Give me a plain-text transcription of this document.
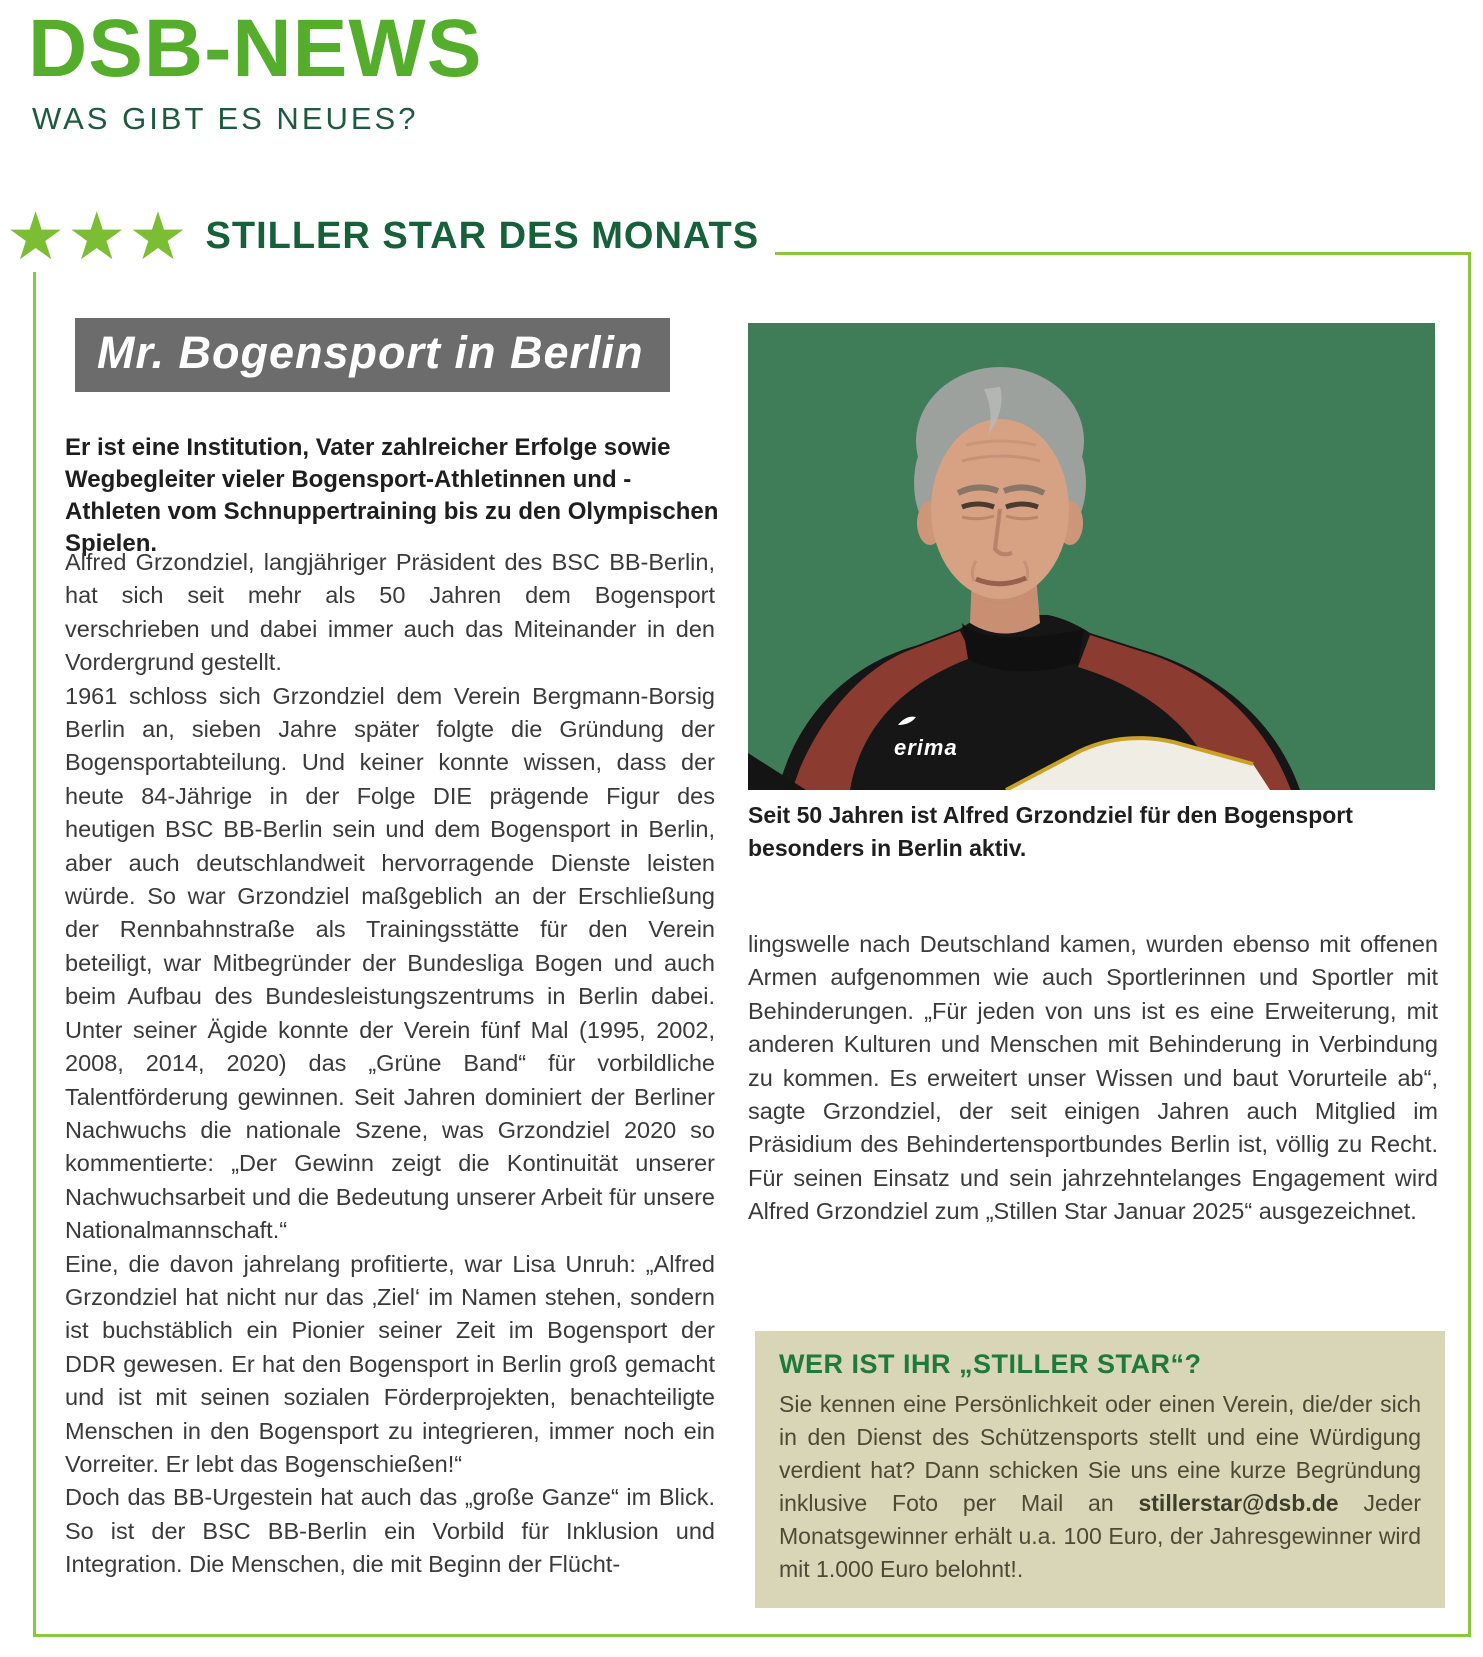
DSB-NEWS
WAS GIBT ES NEUES?
★ ★ ★ STILLER STAR DES MONATS
Mr. Bogensport in Berlin
Er ist eine Institution, Vater zahlreicher Erfolge sowie Wegbegleiter vieler Bogensport-Athletinnen und -Athleten vom Schnuppertraining bis zu den Olympischen Spielen.

Alfred Grzondziel, langjähriger Präsident des BSC BB-Berlin, hat sich seit mehr als 50 Jahren dem Bogensport verschrieben und dabei immer auch das Miteinander in den Vordergrund gestellt.

1961 schloss sich Grzondziel dem Verein Bergmann-Borsig Berlin an, sieben Jahre später folgte die Gründung der Bogensportabteilung. Und keiner konnte wissen, dass der heute 84-Jährige in der Folge DIE prägende Figur des heutigen BSC BB-Berlin sein und dem Bogensport in Berlin, aber auch deutschlandweit hervorragende Dienste leisten würde. So war Grzondziel maßgeblich an der Erschließung der Rennbahnstraße als Trainingsstätte für den Verein beteiligt, war Mitbegründer der Bundesliga Bogen und auch beim Aufbau des Bundesleistungszentrums in Berlin dabei. Unter seiner Ägide konnte der Verein fünf Mal (1995, 2002, 2008, 2014, 2020) das „Grüne Band“ für vorbildliche Talentförderung gewinnen. Seit Jahren dominiert der Berliner Nachwuchs die nationale Szene, was Grzondziel 2020 so kommentierte: „Der Gewinn zeigt die Kontinuität unserer Nachwuchsarbeit und die Bedeutung unserer Arbeit für unsere Nationalmannschaft.“

Eine, die davon jahrelang profitierte, war Lisa Unruh: „Alfred Grzondziel hat nicht nur das ‚Ziel‘ im Namen stehen, sondern ist buchstäblich ein Pionier seiner Zeit im Bogensport der DDR gewesen. Er hat den Bogensport in Berlin groß gemacht und ist mit seinen sozialen Förderprojekten, benachteiligte Menschen in den Bogensport zu integrieren, immer noch ein Vorreiter. Er lebt das Bogenschießen!“

Doch das BB-Urgestein hat auch das „große Ganze“ im Blick. So ist der BSC BB-Berlin ein Vorbild für Inklusion und Integration. Die Menschen, die mit Beginn der Flücht-

erima
Seit 50 Jahren ist Alfred Grzondziel für den Bogensport besonders in Berlin aktiv.

lingswelle nach Deutschland kamen, wurden ebenso mit offenen Armen aufgenommen wie auch Sportlerinnen und Sportler mit Behinderungen. „Für jeden von uns ist es eine Erweiterung, mit anderen Kulturen und Menschen mit Behinderung in Verbindung zu kommen. Es erweitert unser Wissen und baut Vorurteile ab“, sagte Grzondziel, der seit einigen Jahren auch Mitglied im Präsidium des Behindertensportbundes Berlin ist, völlig zu Recht. Für seinen Einsatz und sein jahrzehntelanges Engagement wird Alfred Grzondziel zum „Stillen Star Januar 2025“ ausgezeichnet.

WER IST IHR „STILLER STAR“?

Sie kennen eine Persönlichkeit oder einen Verein, die/der sich in den Dienst des Schützensports stellt und eine Würdigung verdient hat? Dann schicken Sie uns eine kurze Begründung inklusive Foto per Mail an stillerstar@dsb.de Jeder Monatsgewinner erhält u.a. 100 Euro, der Jahresgewinner wird mit 1.000 Euro belohnt!.
